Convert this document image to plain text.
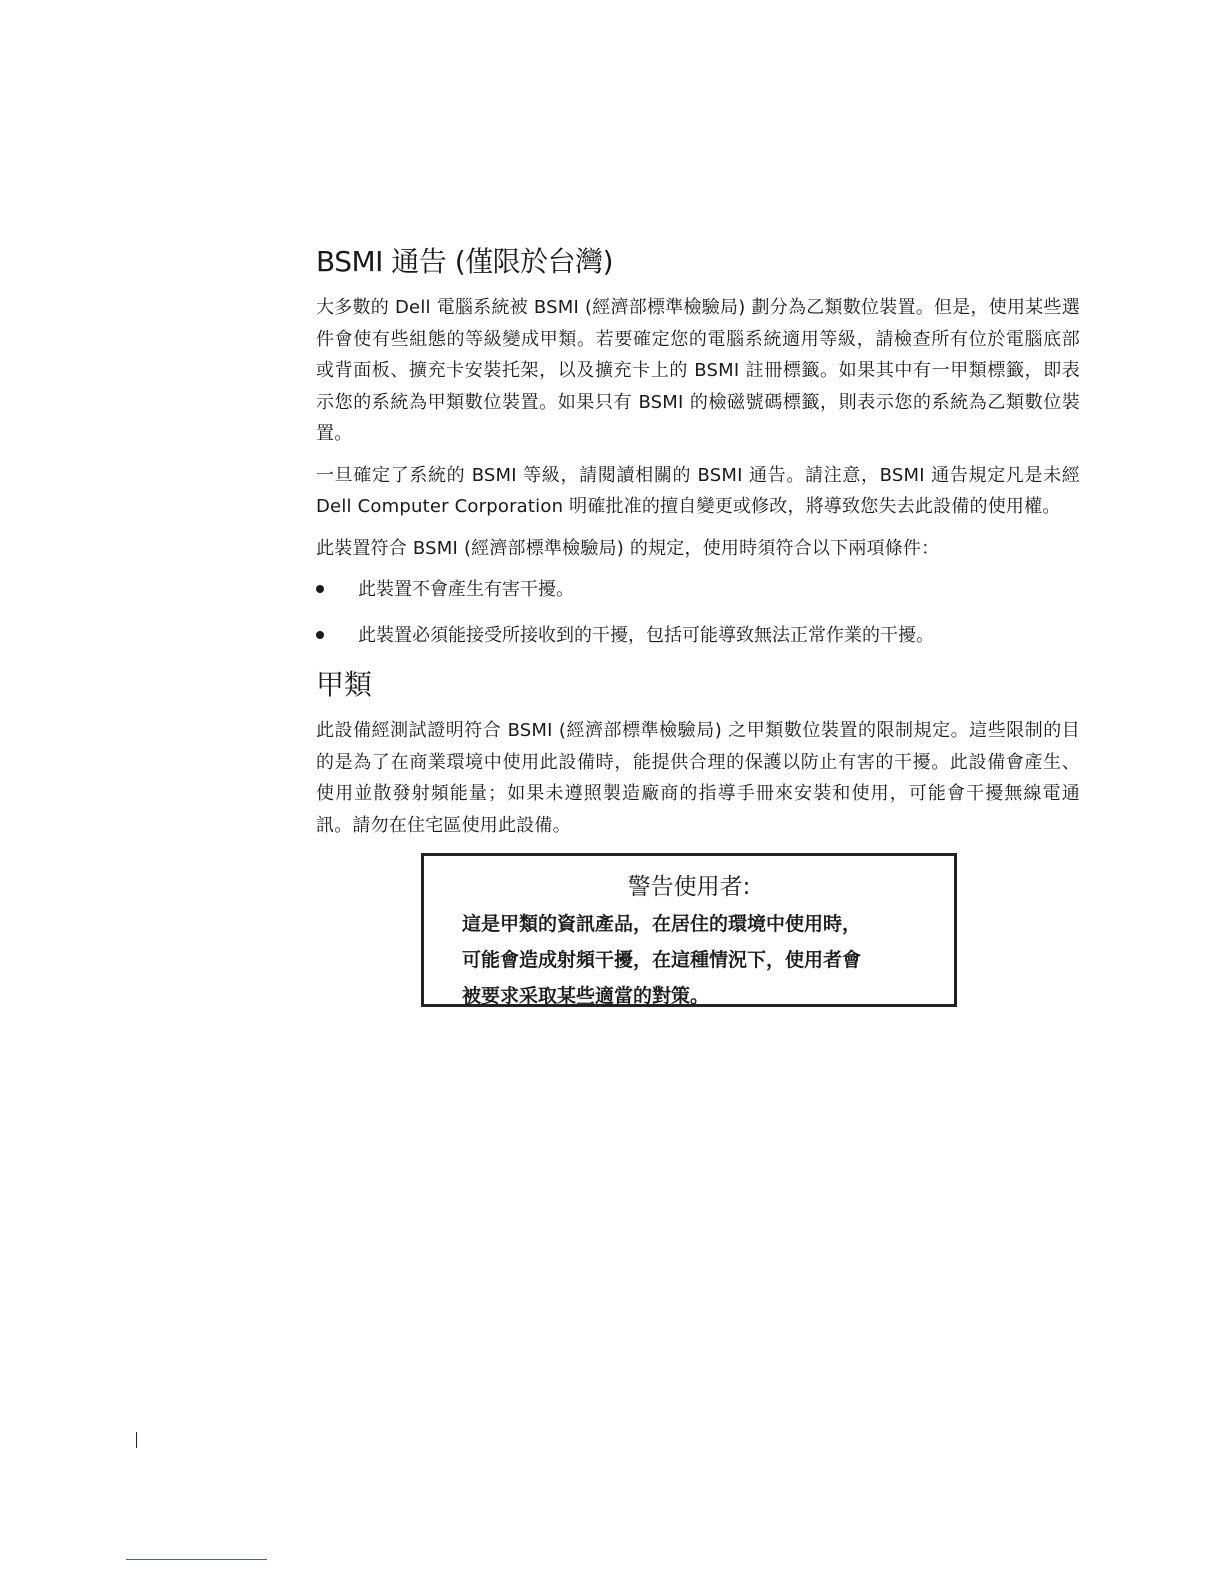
BSMI 通告 (僅限於台灣)

大多數的 Dell 電腦系統被 BSMI (經濟部標準檢驗局) 劃分為乙類數位裝置。但是，使用某些選件會使有些組態的等級變成甲類。若要確定您的電腦系統適用等級，請檢查所有位於電腦底部或背面板、擴充卡安裝托架，以及擴充卡上的 BSMI 註冊標籤。如果其中有一甲類標籤，即表示您的系統為甲類數位裝置。如果只有 BSMI 的檢磁號碼標籤，則表示您的系統為乙類數位裝置。

一旦確定了系統的 BSMI 等級，請閱讀相關的 BSMI 通告。請注意，BSMI 通告規定凡是未經 Dell Computer Corporation 明確批准的擅自變更或修改，將導致您失去此設備的使用權。

此裝置符合 BSMI (經濟部標準檢驗局) 的規定，使用時須符合以下兩項條件：

此裝置不會產生有害干擾。
此裝置必須能接受所接收到的干擾，包括可能導致無法正常作業的干擾。
甲類

此設備經測試證明符合 BSMI (經濟部標準檢驗局) 之甲類數位裝置的限制規定。這些限制的目的是為了在商業環境中使用此設備時，能提供合理的保護以防止有害的干擾。此設備會產生、使用並散發射頻能量；如果未遵照製造廠商的指導手冊來安裝和使用，可能會干擾無線電通訊。請勿在住宅區使用此設備。

警告使用者:

這是甲類的資訊產品，在居住的環境中使用時，

可能會造成射頻干擾，在這種情況下，使用者會

被要求采取某些適當的對策。
